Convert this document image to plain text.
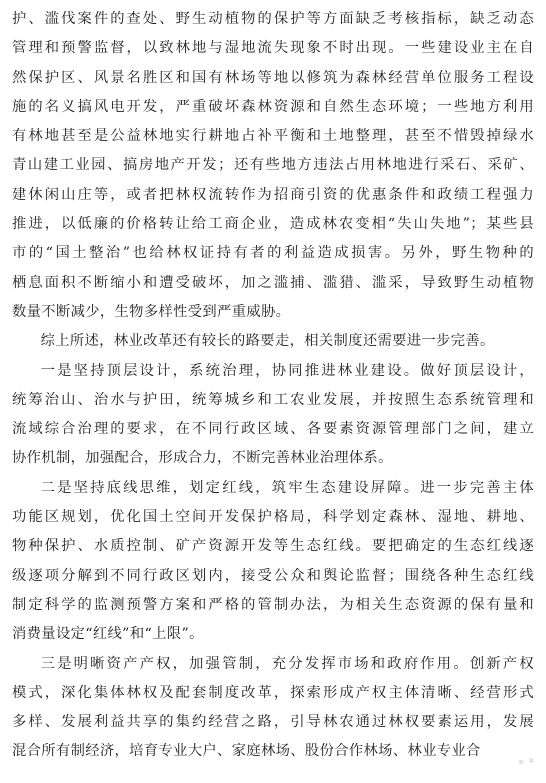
护、滥伐案件的查处、野生动植物的保护等方面缺乏考核指标，缺乏动态
管理和预警监督，以致林地与湿地流失现象不时出现。一些建设业主在自
然保护区、风景名胜区和国有林场等地以修筑为森林经营单位服务工程设
施的名义搞风电开发，严重破坏森林资源和自然生态环境；一些地方利用
有林地甚至是公益林地实行耕地占补平衡和土地整理，甚至不惜毁掉绿水
青山建工业园、搞房地产开发；还有些地方违法占用林地进行采石、采矿、
建休闲山庄等，或者把林权流转作为招商引资的优惠条件和政绩工程强力
推进，以低廉的价格转让给工商企业，造成林农变相“失山失地”；某些县
市的“国土整治”也给林权证持有者的利益造成损害。另外，野生物种的
栖息面积不断缩小和遭受破坏，加之滥捕、滥猎、滥采，导致野生动植物
数量不断减少，生物多样性受到严重威胁。
综上所述，林业改革还有较长的路要走，相关制度还需要进一步完善。
一是坚持顶层设计，系统治理，协同推进林业建设。做好顶层设计，
统筹治山、治水与护田，统筹城乡和工农业发展，并按照生态系统管理和
流域综合治理的要求，在不同行政区域、各要素资源管理部门之间，建立
协作机制，加强配合，形成合力，不断完善林业治理体系。
二是坚持底线思维，划定红线，筑牢生态建设屏障。进一步完善主体
功能区规划，优化国土空间开发保护格局，科学划定森林、湿地、耕地、
物种保护、水质控制、矿产资源开发等生态红线。要把确定的生态红线逐
级逐项分解到不同行政区划内，接受公众和舆论监督；围绕各种生态红线
制定科学的监测预警方案和严格的管制办法，为相关生态资源的保有量和
消费量设定“红线”和“上限”。
三是明晰资产产权，加强管制，充分发挥市场和政府作用。创新产权
模式，深化集体林权及配套制度改革，探索形成产权主体清晰、经营形式
多样、发展利益共享的集约经营之路，引导林农通过林权要素运用，发展
混合所有制经济，培育专业大户、家庭林场、股份合作林场、林业专业合	··
